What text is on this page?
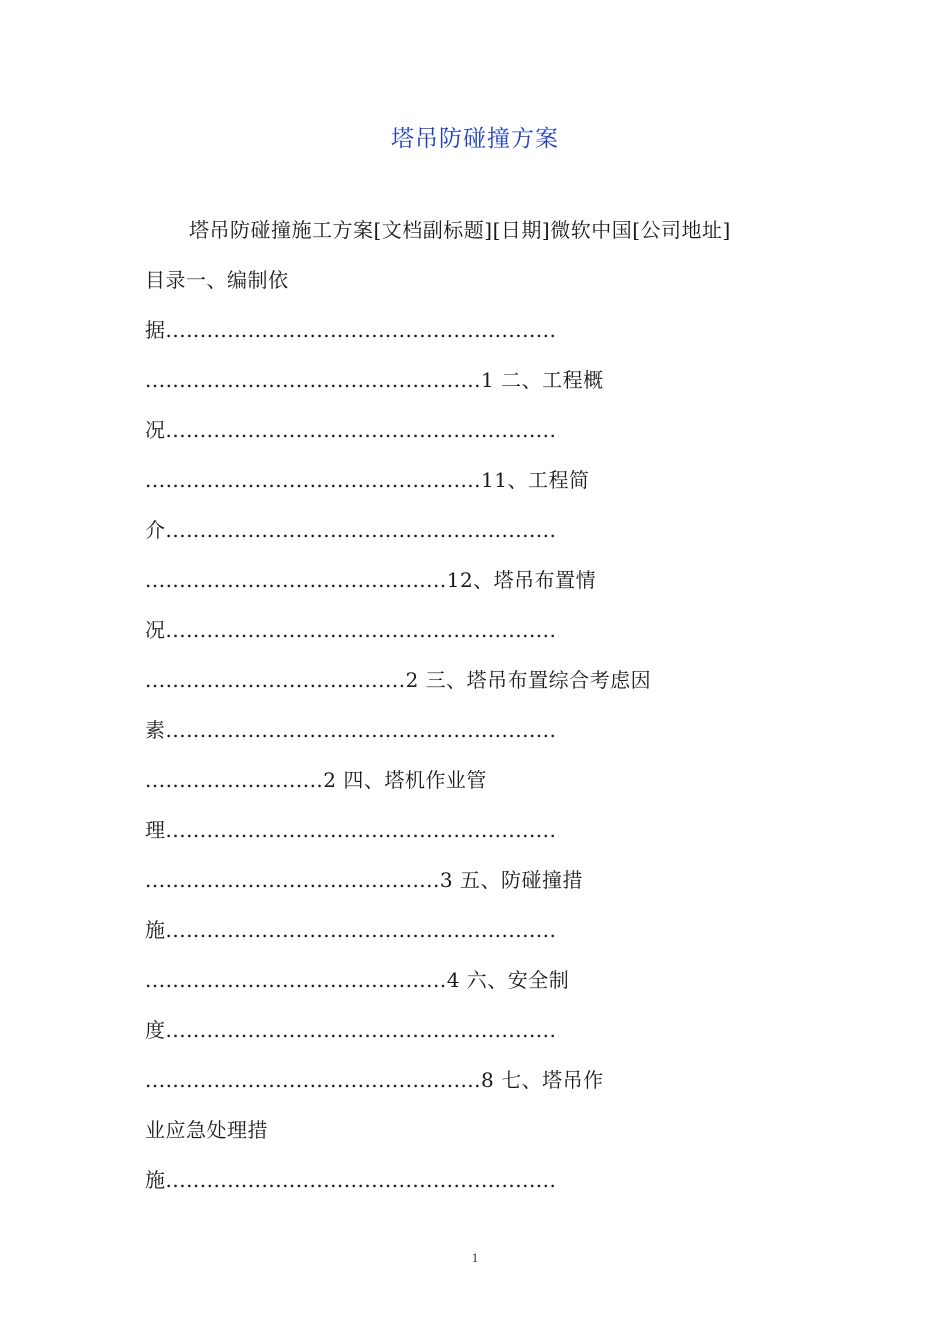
塔吊防碰撞方案
塔吊防碰撞施工方案[文档副标题][日期]微软中国[公司地址]
目录一、编制依
据.........................................................
.................................................1 二、工程概
况.........................................................
.................................................11、工程简
介.........................................................
............................................12、塔吊布置情
况.........................................................
......................................2 三、塔吊布置综合考虑因
素.........................................................
..........................2 四、塔机作业管
理.........................................................
...........................................3 五、防碰撞措
施.........................................................
............................................4 六、安全制
度.........................................................
.................................................8 七、塔吊作
业应急处理措
施.........................................................
1
